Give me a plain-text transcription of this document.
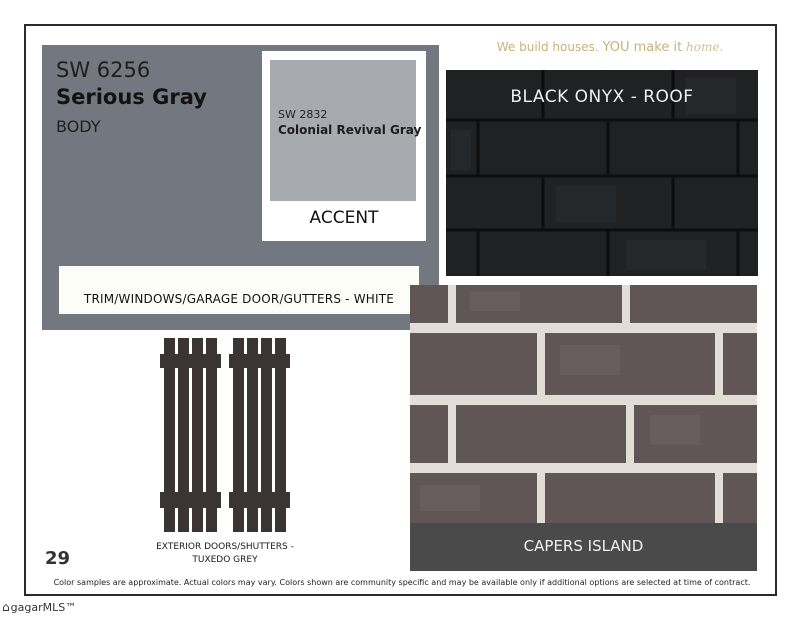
SW 6256
Serious Gray
BODY
SW 2832
Colonial Revival Gray
ACCENT
TRIM/WINDOWS/GARAGE DOOR/GUTTERS - WHITE
We build houses. YOU make it home.
BLACK ONYX - ROOF
EXTERIOR DOORS/SHUTTERS -
TUXEDO GREY
CAPERS ISLAND
29
Color samples are approximate. Actual colors may vary. Colors shown are community specific and may be available only if additional options are selected at time of contract.
⌂gagarMLS™
